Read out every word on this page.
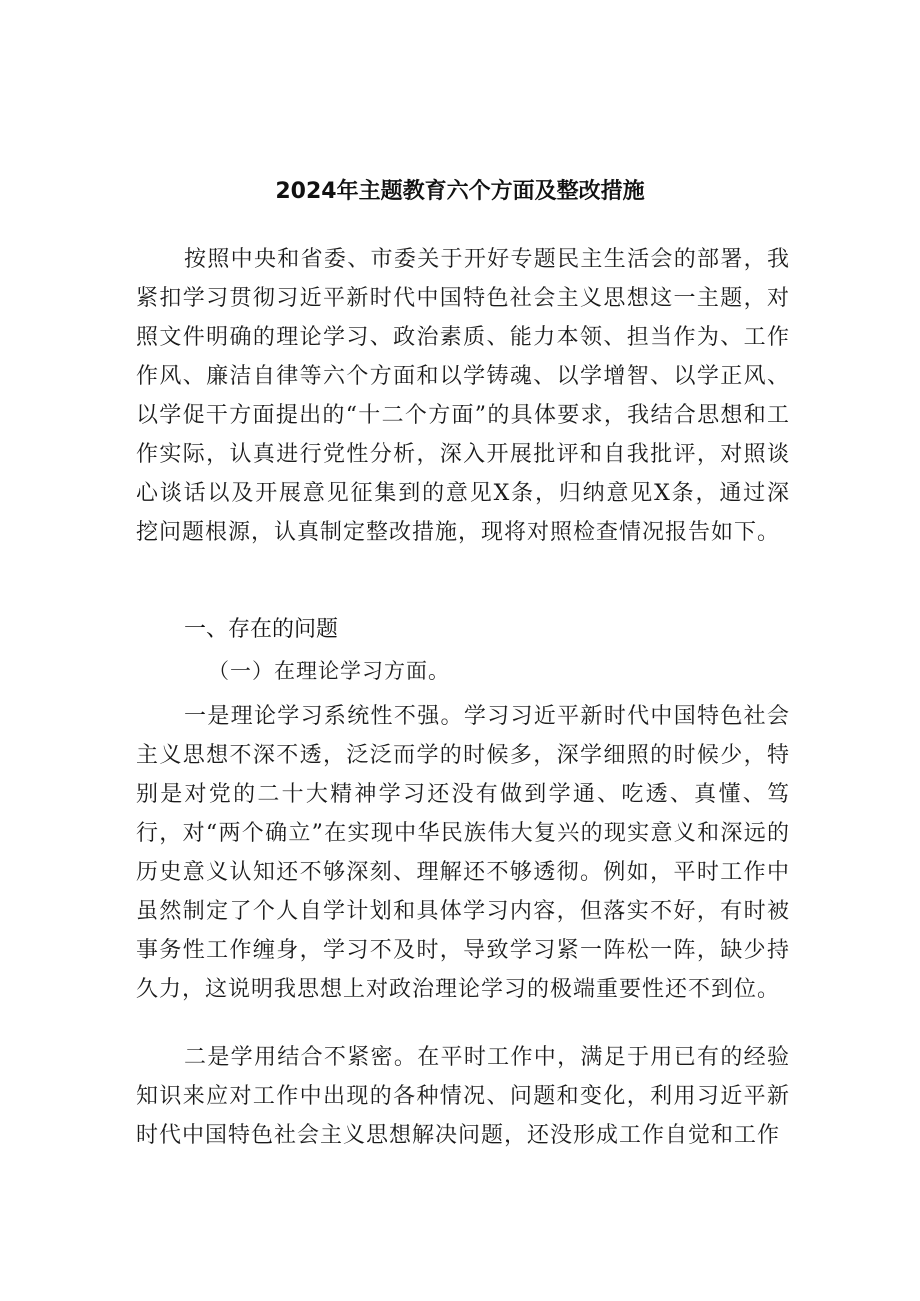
2024年主题教育六个方面及整改措施

按照中央和省委、市委关于开好专题民主生活会的部署，我紧扣学习贯彻习近平新时代中国特色社会主义思想这一主题，对照文件明确的理论学习、政治素质、能力本领、担当作为、工作作风、廉洁自律等六个方面和以学铸魂、以学增智、以学正风、以学促干方面提出的“十二个方面”的具体要求，我结合思想和工作实际，认真进行党性分析，深入开展批评和自我批评，对照谈心谈话以及开展意见征集到的意见X条，归纳意见X条，通过深挖问题根源，认真制定整改措施，现将对照检查情况报告如下。

一、存在的问题

（一）在理论学习方面。

一是理论学习系统性不强。学习习近平新时代中国特色社会主义思想不深不透，泛泛而学的时候多，深学细照的时候少，特别是对党的二十大精神学习还没有做到学通、吃透、真懂、笃行，对“两个确立”在实现中华民族伟大复兴的现实意义和深远的历史意义认知还不够深刻、理解还不够透彻。例如，平时工作中虽然制定了个人自学计划和具体学习内容，但落实不好，有时被事务性工作缠身，学习不及时，导致学习紧一阵松一阵，缺少持久力，这说明我思想上对政治理论学习的极端重要性还不到位。

二是学用结合不紧密。在平时工作中，满足于用已有的经验知识来应对工作中出现的各种情况、问题和变化，利用习近平新时代中国特色社会主义思想解决问题，还没形成工作自觉和工作
